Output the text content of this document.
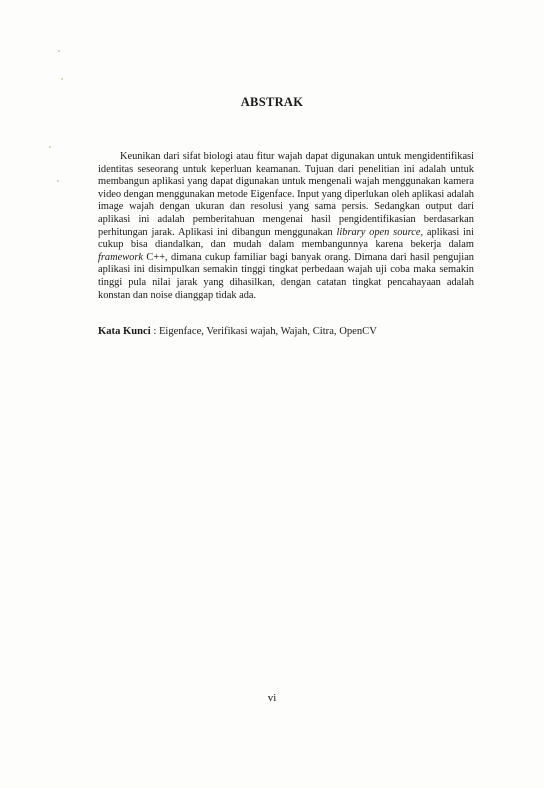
ABSTRAK

Keunikan dari sifat biologi atau fitur wajah dapat digunakan untuk mengidentifikasi identitas seseorang untuk keperluan keamanan. Tujuan dari penelitian ini adalah untuk membangun aplikasi yang dapat digunakan untuk mengenali wajah menggunakan kamera video dengan menggunakan metode Eigenface. Input yang diperlukan oleh aplikasi adalah image wajah dengan ukuran dan resolusi yang sama persis. Sedangkan output dari aplikasi ini adalah pemberitahuan mengenai hasil pengidentifikasian berdasarkan perhitungan jarak. Aplikasi ini dibangun menggunakan library open source, aplikasi ini cukup bisa diandalkan, dan mudah dalam membangunnya karena bekerja dalam framework C++, dimana cukup familiar bagi banyak orang. Dimana dari hasil pengujian aplikasi ini disimpulkan semakin tinggi tingkat perbedaan wajah uji coba maka semakin tinggi pula nilai jarak yang dihasilkan, dengan catatan tingkat pencahayaan adalah konstan dan noise dianggap tidak ada.

Kata Kunci : Eigenface, Verifikasi wajah, Wajah, Citra, OpenCV

vi
